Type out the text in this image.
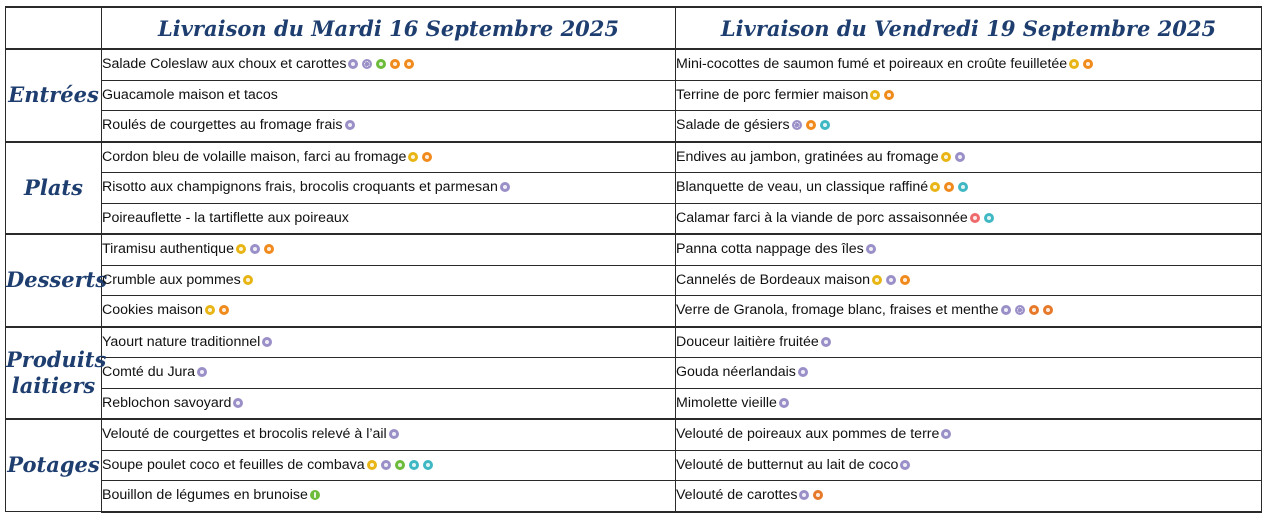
	Livraison du Mardi 16 Septembre 2025	Livraison du Vendredi 19 Septembre 2025
Entrées	Salade Coleslaw aux choux et carottes	Mini-cocottes de saumon fumé et poireaux en croûte feuilletée
	Guacamole maison et tacos	Terrine de porc fermier maison
	Roulés de courgettes au fromage frais	Salade de gésiers
Plats	Cordon bleu de volaille maison, farci au fromage	Endives au jambon, gratinées au fromage
	Risotto aux champignons frais, brocolis croquants et parmesan	Blanquette de veau, un classique raffiné
	Poireauflette - la tartiflette aux poireaux	Calamar farci à la viande de porc assaisonnée
Desserts	Tiramisu authentique	Panna cotta nappage des îles
	Crumble aux pommes	Cannelés de Bordeaux maison
	Cookies maison	Verre de Granola, fromage blanc, fraises et menthe
Produits laitiers	Yaourt nature traditionnel	Douceur laitière fruitée
	Comté du Jura	Gouda néerlandais
	Reblochon savoyard	Mimolette vieille
Potages	Velouté de courgettes et brocolis relevé à l’ail	Velouté de poireaux aux pommes de terre
	Soupe poulet coco et feuilles de combava	Velouté de butternut au lait de coco
	Bouillon de légumes en brunoise	Velouté de carottes
